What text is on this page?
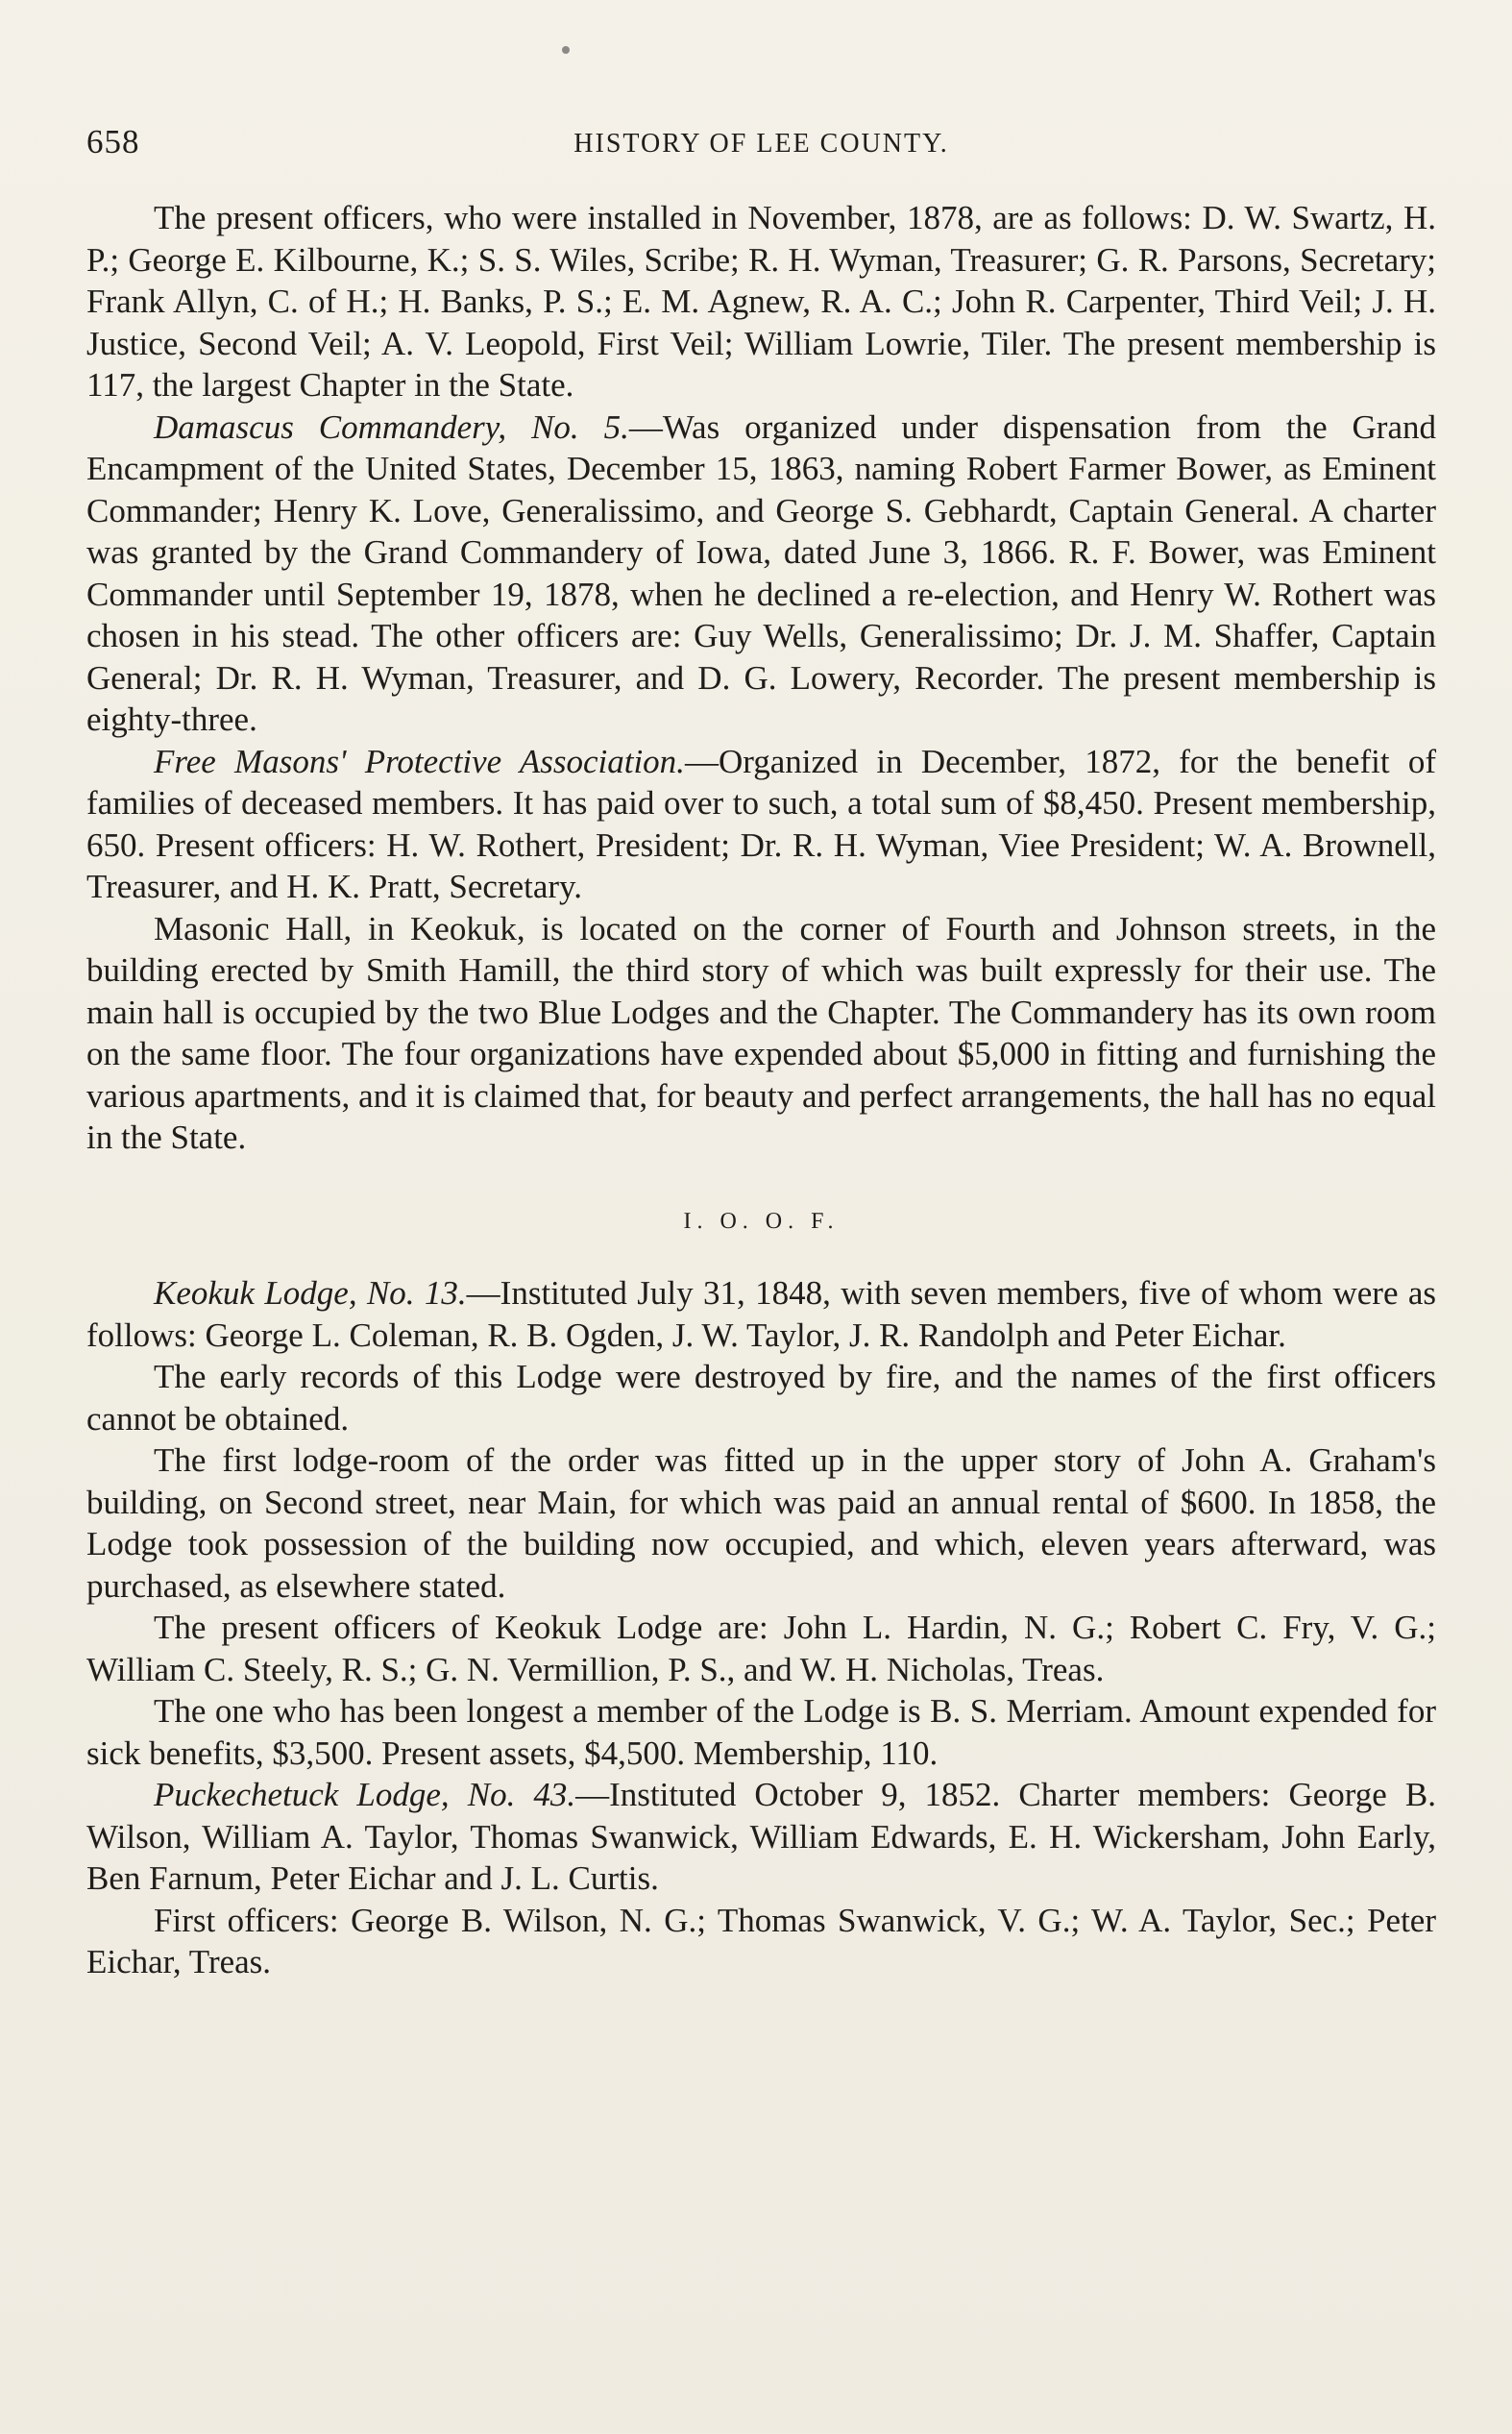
658	HISTORY OF LEE COUNTY.

The present officers, who were installed in November, 1878, are as follows: D. W. Swartz, H. P.; George E. Kilbourne, K.; S. S. Wiles, Scribe; R. H. Wyman, Treasurer; G. R. Parsons, Secretary; Frank Allyn, C. of H.; H. Banks, P. S.; E. M. Agnew, R. A. C.; John R. Carpenter, Third Veil; J. H. Justice, Second Veil; A. V. Leopold, First Veil; William Lowrie, Tiler. The present membership is 117, the largest Chapter in the State.

Damascus Commandery, No. 5.—Was organized under dispensation from the Grand Encampment of the United States, December 15, 1863, naming Robert Farmer Bower, as Eminent Commander; Henry K. Love, Generalissimo, and George S. Gebhardt, Captain General. A charter was granted by the Grand Commandery of Iowa, dated June 3, 1866. R. F. Bower, was Eminent Commander until September 19, 1878, when he declined a re-election, and Henry W. Rothert was chosen in his stead. The other officers are: Guy Wells, Generalissimo; Dr. J. M. Shaffer, Captain General; Dr. R. H. Wyman, Treasurer, and D. G. Lowery, Recorder. The present membership is eighty-three.

Free Masons' Protective Association.—Organized in December, 1872, for the benefit of families of deceased members. It has paid over to such, a total sum of $8,450. Present membership, 650. Present officers: H. W. Rothert, President; Dr. R. H. Wyman, Viee President; W. A. Brownell, Treasurer, and H. K. Pratt, Secretary.

Masonic Hall, in Keokuk, is located on the corner of Fourth and Johnson streets, in the building erected by Smith Hamill, the third story of which was built expressly for their use. The main hall is occupied by the two Blue Lodges and the Chapter. The Commandery has its own room on the same floor. The four organizations have expended about $5,000 in fitting and furnishing the various apartments, and it is claimed that, for beauty and perfect arrangements, the hall has no equal in the State.

I. O. O. F.

Keokuk Lodge, No. 13.—Instituted July 31, 1848, with seven members, five of whom were as follows: George L. Coleman, R. B. Ogden, J. W. Taylor, J. R. Randolph and Peter Eichar.

The early records of this Lodge were destroyed by fire, and the names of the first officers cannot be obtained.

The first lodge-room of the order was fitted up in the upper story of John A. Graham's building, on Second street, near Main, for which was paid an annual rental of $600. In 1858, the Lodge took possession of the building now occupied, and which, eleven years afterward, was purchased, as elsewhere stated.

The present officers of Keokuk Lodge are: John L. Hardin, N. G.; Robert C. Fry, V. G.; William C. Steely, R. S.; G. N. Vermillion, P. S., and W. H. Nicholas, Treas.

The one who has been longest a member of the Lodge is B. S. Merriam. Amount expended for sick benefits, $3,500. Present assets, $4,500. Membership, 110.

Puckechetuck Lodge, No. 43.—Instituted October 9, 1852. Charter members: George B. Wilson, William A. Taylor, Thomas Swanwick, William Edwards, E. H. Wickersham, John Early, Ben Farnum, Peter Eichar and J. L. Curtis.

First officers: George B. Wilson, N. G.; Thomas Swanwick, V. G.; W. A. Taylor, Sec.; Peter Eichar, Treas.
